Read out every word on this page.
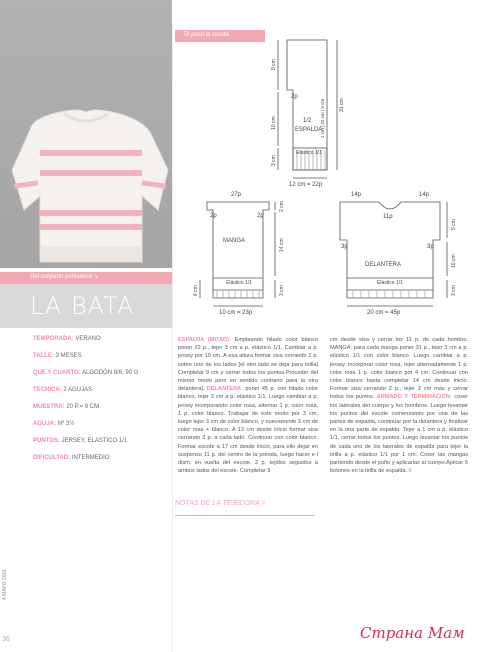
Del conjunto pohlaberá ↘
LA BATA
TEMPORADA: VERANO
TALLE: 3 MESES
QUE Y CUANTO: ALGODÓN 8/6, 90 G
TECNICA: 2 AGUJAS
MUESTRA: 20 P.= 9 CM
AGUJA: Nº 3½
PUNTOS: JERSEY, ELASTICO 1/1
DIFICULTAD: INTERMEDIO
Te paso la receta
2p
1/2
ESPALDA
Elástico 1/1
12 cm = 22p
9 cm
10 cm
3 cm
31 cm
1 cm | 22 cm | 9 cm
27p
2p	2p
MANGA
Elástico 1/1
10 cm = 23p
2 cm
14 cm
3 cm
6 cm
14p	14p
11p
3p	3p
DELANTERA
Elástico 1/1
20 cm = 45p
9 cm
10 cm
3 cm
ESPALDA (MITAD): Empleando hilado color blanco poner 22 p., tejer 3 cm a p. elástico 1/1. Cambiar a p. jersey por 10 cm. A esa altura formar sisa cerrando 2 p. sobre uno de los lados [el otro lado se deja para tirilla] Completar 9 cm y cerrar todos los puntos.Proceder del mismo modo pero en sentido contrario para la otra delantera]. DELANTERA: poner 45 p. con hilado color blanco, tejer 3 cm a p. elástico 1/1. Luego cambiar a p. jersey incorporando color rosa, alternar 1 p. color rosa, 1 p. color blanco. Trabajar de este modo por 3 cm, luego tejer 3 cm de color blanco, y nuevamente 3 cm de color rosa + blanco. A 13 cm desde inicio formar sisa cerrando 3 p. a cada lado. Continuar con color blanco. Formar escote a 17 cm desde inicio, para ello dejar en suspenso 11 p. del centro de la prenda, luego hacer e l dism. en vuelta del escote. 2 p. tejidos seguidos a ambos lados del escote. Completar 9
cm desde sisa y cerrar los 11 p. de cada hombro. MANGA: para cada manga poner 31 p., tejer 3 cm a p. elástico 1/1 con color blanco. Luego cambiar a p. jersey, incorporar color rosa, tejer alternadamente 1 p. color rosa 1 p. color blanco por 4 cm. Continuar con color blanco hasta completar 14 cm desde inicio. Formar sisa cerrando 2 p., tejer 2 cm más y cerrar todos los puntos. ARMADO Y TERMINACIÓN: coser los laterales del cuerpo y los hombros. Luego levantar los puntos del escote comenzando por una de las partes de espalda, continuar por la delantera y finalizar en la otra parte de espalda. Tejer a 1 cm a p. elástico 1/1, cerrar todos los puntos. Luego levantar los puntos de cada uno de los laterales de espalda para tejer la tirilla a p. elástico 1/1 por 1 cm. Coser las mangas partiendo desde el puño y aplicarlas al cuerpo.Aplicar 5 botones en la tirilla de espalda. ◊
NOTAS DE LA TEJEDORA >
4 MAYO 2011
36	Страна Мам
